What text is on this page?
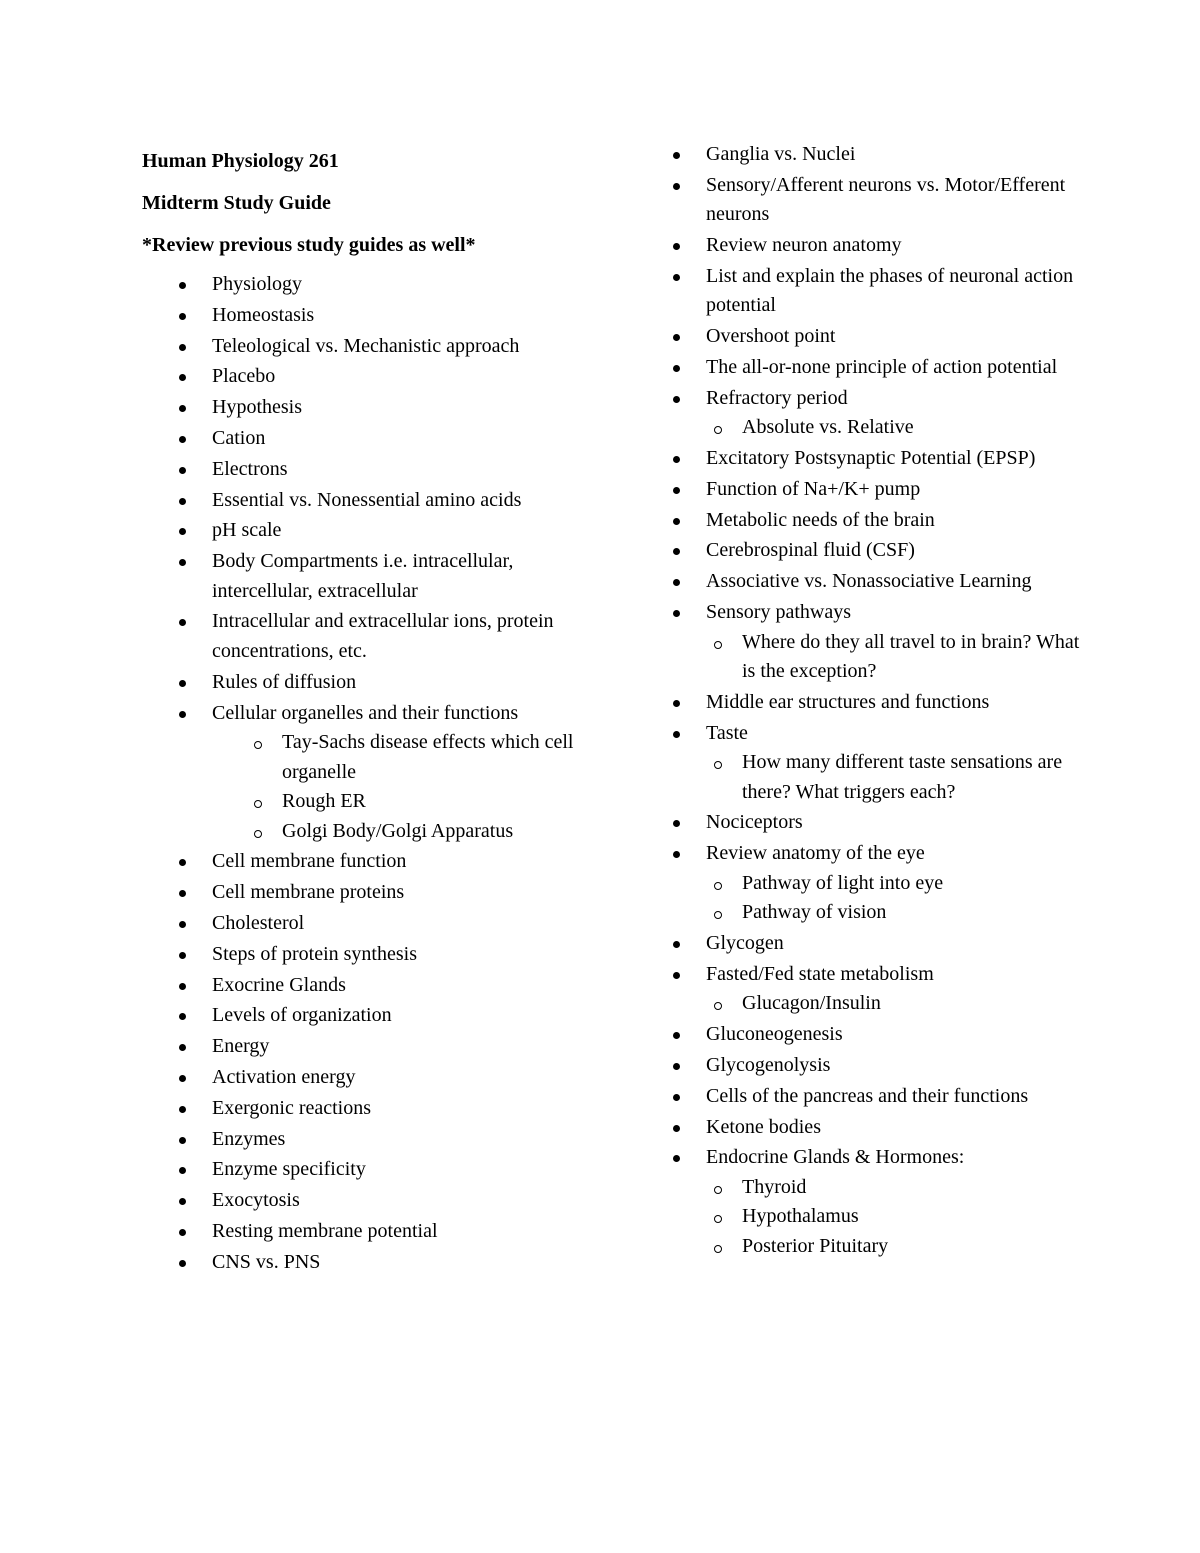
Human Physiology 261

Midterm Study Guide

*Review previous study guides as well*

Physiology
Homeostasis
Teleological vs. Mechanistic approach
Placebo
Hypothesis
Cation
Electrons
Essential vs. Nonessential amino acids
pH scale
Body Compartments i.e. intracellular, intercellular, extracellular
Intracellular and extracellular ions, protein concentrations, etc.
Rules of diffusion
Cellular organelles and their functions
Tay-Sachs disease effects which cell organelle
Rough ER
Golgi Body/Golgi Apparatus
Cell membrane function
Cell membrane proteins
Cholesterol
Steps of protein synthesis
Exocrine Glands
Levels of organization
Energy
Activation energy
Exergonic reactions
Enzymes
Enzyme specificity
Exocytosis
Resting membrane potential
CNS vs. PNS
Ganglia vs. Nuclei
Sensory/Afferent neurons vs. Motor/Efferent neurons
Review neuron anatomy
List and explain the phases of neuronal action potential
Overshoot point
The all-or-none principle of action potential
Refractory period
Absolute vs. Relative
Excitatory Postsynaptic Potential (EPSP)
Function of Na+/K+ pump
Metabolic needs of the brain
Cerebrospinal fluid (CSF)
Associative vs. Nonassociative Learning
Sensory pathways
Where do they all travel to in brain? What is the exception?
Middle ear structures and functions
Taste
How many different taste sensations are there? What triggers each?
Nociceptors
Review anatomy of the eye
Pathway of light into eye
Pathway of vision
Glycogen
Fasted/Fed state metabolism
Glucagon/Insulin
Gluconeogenesis
Glycogenolysis
Cells of the pancreas and their functions
Ketone bodies
Endocrine Glands & Hormones:
Thyroid
Hypothalamus
Posterior Pituitary
